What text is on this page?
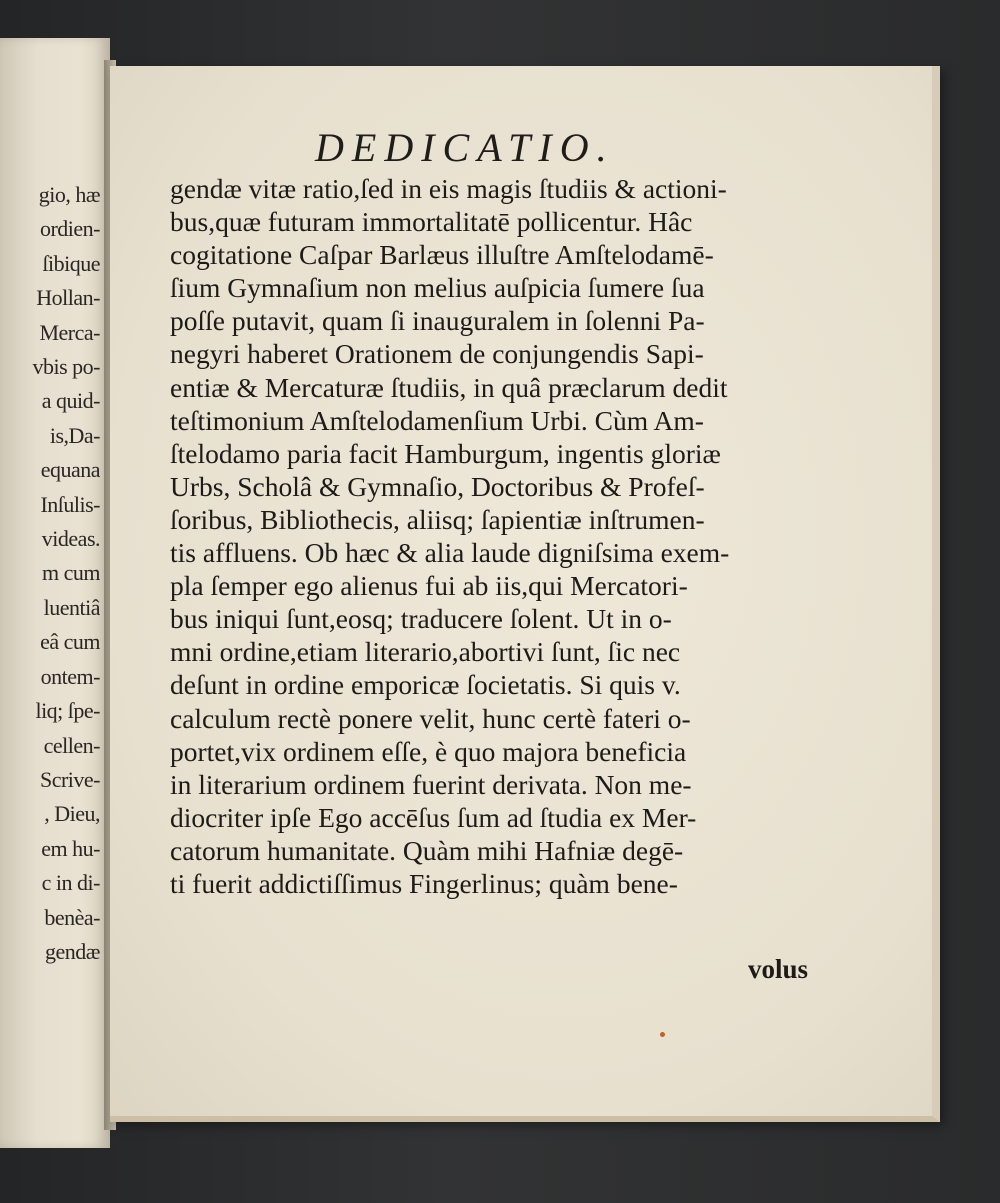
gio, hæ
ordien-
ſibique
Hollan-
Merca-
vbis po-
a quid-
is,Da-
equana
Inſulis-
videas.
m cum
luentiâ
eâ cum
ontem-
liq; ſpe-
cellen-
Scrive-
, Dieu,
em hu-
c in di-
benèa-
gendæ
DEDICATIO.
gendæ vitæ ratio,ſed in eis magis ſtudiis & actioni-
bus,quæ futuram immortalitatē pollicentur. Hâc
cogitatione Caſpar Barlæus illuſtre Amſtelodamē-
ſium Gymnaſium non melius auſpicia ſumere ſua
poſſe putavit, quam ſi inauguralem in ſolenni Pa-
negyri haberet Orationem de conjungendis Sapi-
entiæ & Mercaturæ ſtudiis, in quâ præclarum dedit
teſtimonium Amſtelodamenſium Urbi. Cùm Am-
ſtelodamo paria facit Hamburgum, ingentis gloriæ
Urbs, Scholâ & Gymnaſio, Doctoribus & Profeſ-
ſoribus, Bibliothecis, aliisq; ſapientiæ inſtrumen-
tis affluens. Ob hæc & alia laude digniſsima exem-
pla ſemper ego alienus fui ab iis,qui Mercatori-
bus iniqui ſunt,eosq; traducere ſolent. Ut in o-
mni ordine,etiam literario,abortivi ſunt, ſic nec
deſunt in ordine emporicæ ſocietatis. Si quis v.
calculum rectè ponere velit, hunc certè fateri o-
portet,vix ordinem eſſe, è quo majora beneficia
in literarium ordinem fuerint derivata. Non me-
diocriter ipſe Ego accēſus ſum ad ſtudia ex Mer-
catorum humanitate. Quàm mihi Hafniæ degē-
ti fuerit addictiſſimus Fingerlinus; quàm bene-
volus
